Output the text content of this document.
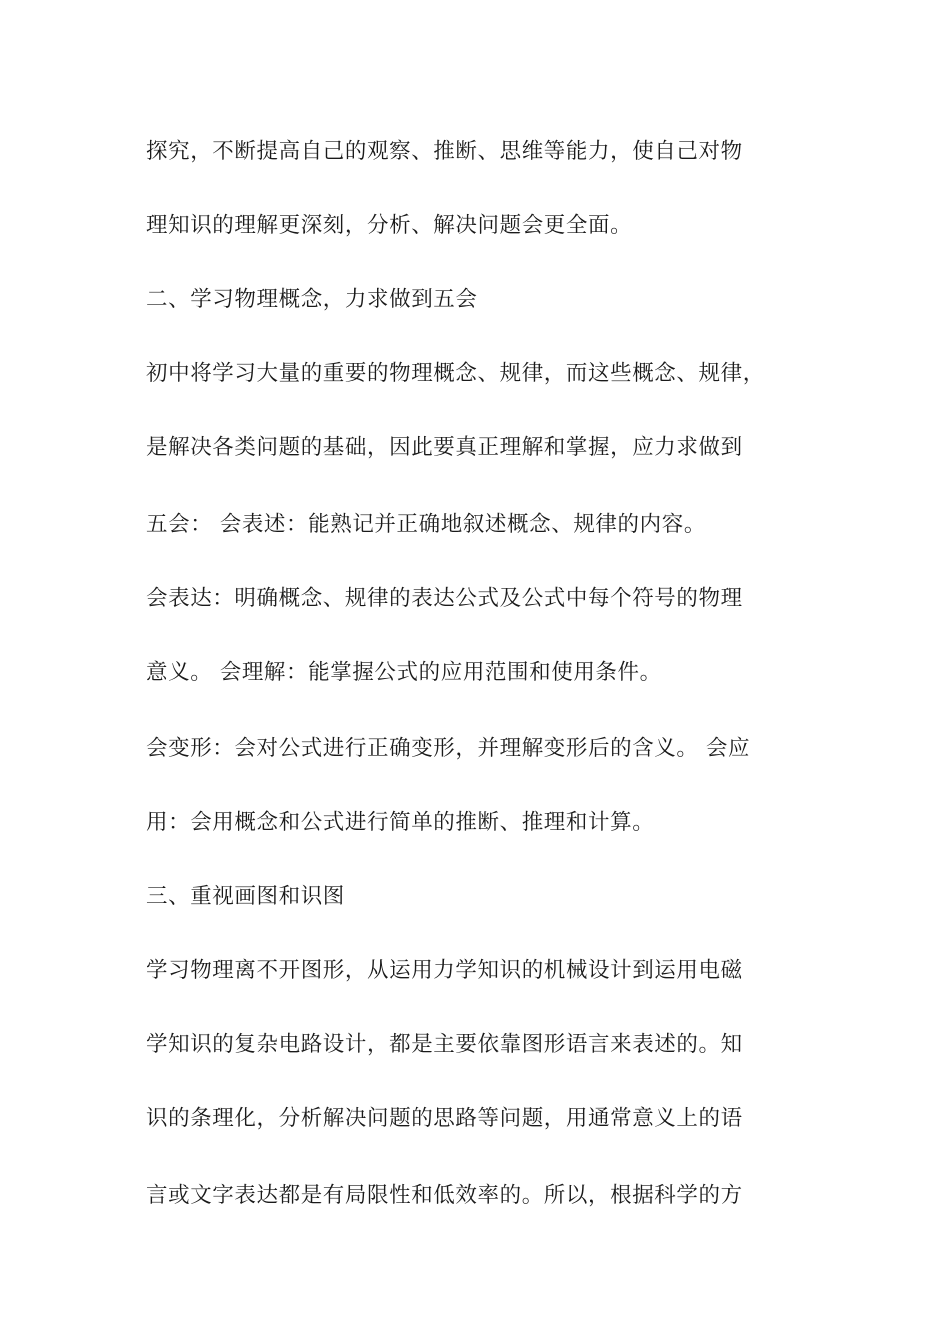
探究，不断提高自己的观察、推断、思维等能力，使自己对物
理知识的理解更深刻，分析、解决问题会更全面。
二、学习物理概念，力求做到五会
初中将学习大量的重要的物理概念、规律，而这些概念、规律，
是解决各类问题的基础，因此要真正理解和掌握，应力求做到
五会： 会表述：能熟记并正确地叙述概念、规律的内容。
会表达：明确概念、规律的表达公式及公式中每个符号的物理
意义。 会理解：能掌握公式的应用范围和使用条件。
会变形：会对公式进行正确变形，并理解变形后的含义。 会应
用：会用概念和公式进行简单的推断、推理和计算。
三、重视画图和识图
学习物理离不开图形，从运用力学知识的机械设计到运用电磁
学知识的复杂电路设计，都是主要依靠图形语言来表述的。知
识的条理化，分析解决问题的思路等问题，用通常意义上的语
言或文字表达都是有局限性和低效率的。所以，根据科学的方
